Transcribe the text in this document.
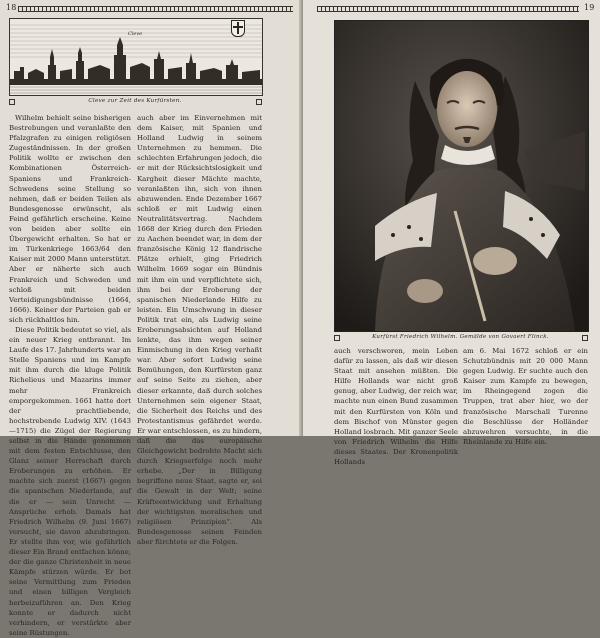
18
Cleve
Cleve zur Zeit des Kurfürsten.

Wilhelm behielt seine bisherigen Bestrebungen und veranlaßte den Pfalzgrafen zu einigen religiösen Zugeständnissen. In der großen Politik wollte er zwischen den Kombinationen Österreich-Spaniens und Frankreich-Schwedens seine Stellung so nehmen, daß er beiden Teilen als Bundesgenosse erwünscht, als Feind gefährlich erscheine. Keine von beiden aber sollte ein Übergewicht erhalten. So hat er im Türkenkriege 1663/64 den Kaiser mit 2000 Mann unterstützt. Aber er näherte sich auch Frankreich und Schweden und schloß mit beiden Verteidigungsbündnisse (1664, 1666). Keiner der Parteien gab er sich rückhaltlos hin.

Diese Politik bedeutet so viel, als ein neuer Krieg entbrannt. Im Laufe des 17. Jahrhunderts war an Stelle Spaniens und im Kampfe mit ihm durch die kluge Politik Richelieus und Mazarins immer mehr Frankreich emporgekommen. 1661 hatte dort der prachtliebende, hochstrebende Ludwig XIV. (1643—1715) die Zügel der Regierung selbst in die Hände genommen mit dem festen Entschlusse, den Glanz seiner Herrschaft durch Eroberungen zu erhöhen. Er machte sich zuerst (1667) gegen die spanischen Niederlande, auf die er — sein Unrecht — Ansprüche erhob. Damals hat Friedrich Wilhelm (9. Juni 1667) versucht, sie davon abzubringen. Er stellte ihm vor, wie gefährlich dieser Ein Brand entfachen könne, der die ganze Christenheit in neue Kämpfe stürzen würde. Er bot seine Vermittlung zum Frieden und einen billigen Vergleich herbeizuführen an. Den Krieg konnte er dadurch nicht verhindern, er verstärkte aber seine Rüstungen.

auch aber im Einvernehmen mit dem Kaiser, mit Spanien und Holland Ludwig in seinem Unternehmen zu hemmen. Die schlechten Erfahrungen jedoch, die er mit der Rücksichtslosigkeit und Kargheit dieser Mächte machte, veranlaßten ihn, sich von ihnen abzuwenden. Ende Dezember 1667 schloß er mit Ludwig einen Neutralitätsvertrag. Nachdem 1668 der Krieg durch den Frieden zu Aachen beendet war, in dem der französische König 12 flandrische Plätze erhielt, ging Friedrich Wilhelm 1669 sogar ein Bündnis mit ihm ein und verpflichtete sich, ihm bei der Eroberung der spanischen Niederlande Hilfe zu leisten. Ein Umschwung in dieser Politik trat ein, als Ludwig seine Eroberungsabsichten auf Holland lenkte, das ihm wegen seiner Einmischung in den Krieg verhaßt war. Aber sofort Ludwig seine Bemühungen, den Kurfürsten ganz auf seine Seite zu ziehen, aber dieser erkannte, daß durch solches Unternehmen sein eigener Staat, die Sicherheit des Reichs und des Protestantismus gefährdet werde. Er war entschlossen, es zu hindern, daß die das europäische Gleichgewicht bedrohte Macht sich durch Kriegserfolge noch mehr erhebe. „Der in Billigung begriffene neue Staat, sagte er, sei die Gewalt in der Welt; seine Kräfteentwicklung und Erhaltung der wichtigsten moralischen und religiösen Prinzipien“. Als Bundesgenosse seinen Feinden aber fürchtete er die Folgen.

19
Kurfürst Friedrich Wilhelm. Gemälde von Govaert Flinck.

auch verschworen, mein Leben dafür zu lassen, als daß wir diesen Staat mit ansehen müßten. Die Hilfe Hollands war nicht groß genug, aber Ludwig, der reich war, machte nun einen Bund zusammen mit den Kurfürsten von Köln und dem Bischof von Münster gegen Holland losbrach. Mit ganzer Seele von Friedrich Wilhelm die Hilfe dieses Staates. Der Kronenpolitik Hollands

am 6. Mai 1672 schloß er ein Schutzbündnis mit 20 000 Mann gegen Ludwig. Er suchte auch den Kaiser zum Kampfe zu bewegen, im Rheingegend zogen die Truppen, trat aber hier, wo der französische Marschall Turenne die Beschlüsse der Holländer abzuwehren versuchte, in die Rheinlande zu Hilfe ein.
